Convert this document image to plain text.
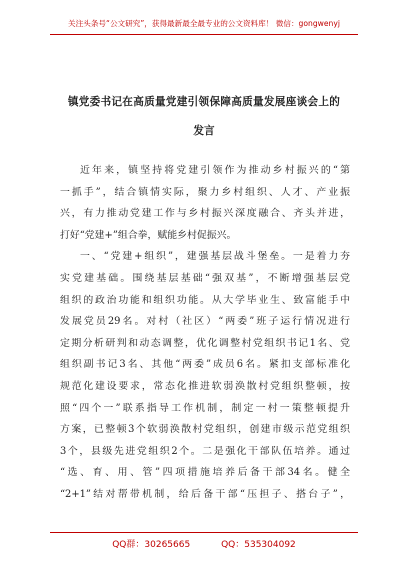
关注头条号“公文研究”，获得最新最全最专业的公文资料库！ 微信：gongwenyj
镇党委书记在高质量党建引领保障高质量发展座谈会上的
发言
近年来，镇坚持将党建引领作为推动乡村振兴的“第
一抓手”，结合镇情实际，聚力乡村组织、人才、产业振
兴，有力推动党建工作与乡村振兴深度融合、齐头并进，
打好“党建+”组合拳，赋能乡村促振兴。
一、“党建+组织”，建强基层战斗堡垒。一是着力夯
实党建基础。围绕基层基础“强双基”，不断增强基层党
组织的政治功能和组织功能。从大学毕业生、致富能手中
发展党员29名。对村（社区）“两委”班子运行情况进行
定期分析研判和动态调整，优化调整村党组织书记1名、党
组织副书记3名、其他“两委”成员6名。紧扣支部标准化
规范化建设要求，常态化推进软弱涣散村党组织整顿，按
照“四个一”联系指导工作机制，制定一村一策整顿提升
方案，已整顿3个软弱涣散村党组织，创建市级示范党组织
3个，县级先进党组织2个。二是强化干部队伍培养。通过
“选、育、用、管”四项措施培养后备干部34名。健全
“2+1”结对帮带机制，给后备干部“压担子、搭台子”，
QQ群：30265665	QQ：535304092
